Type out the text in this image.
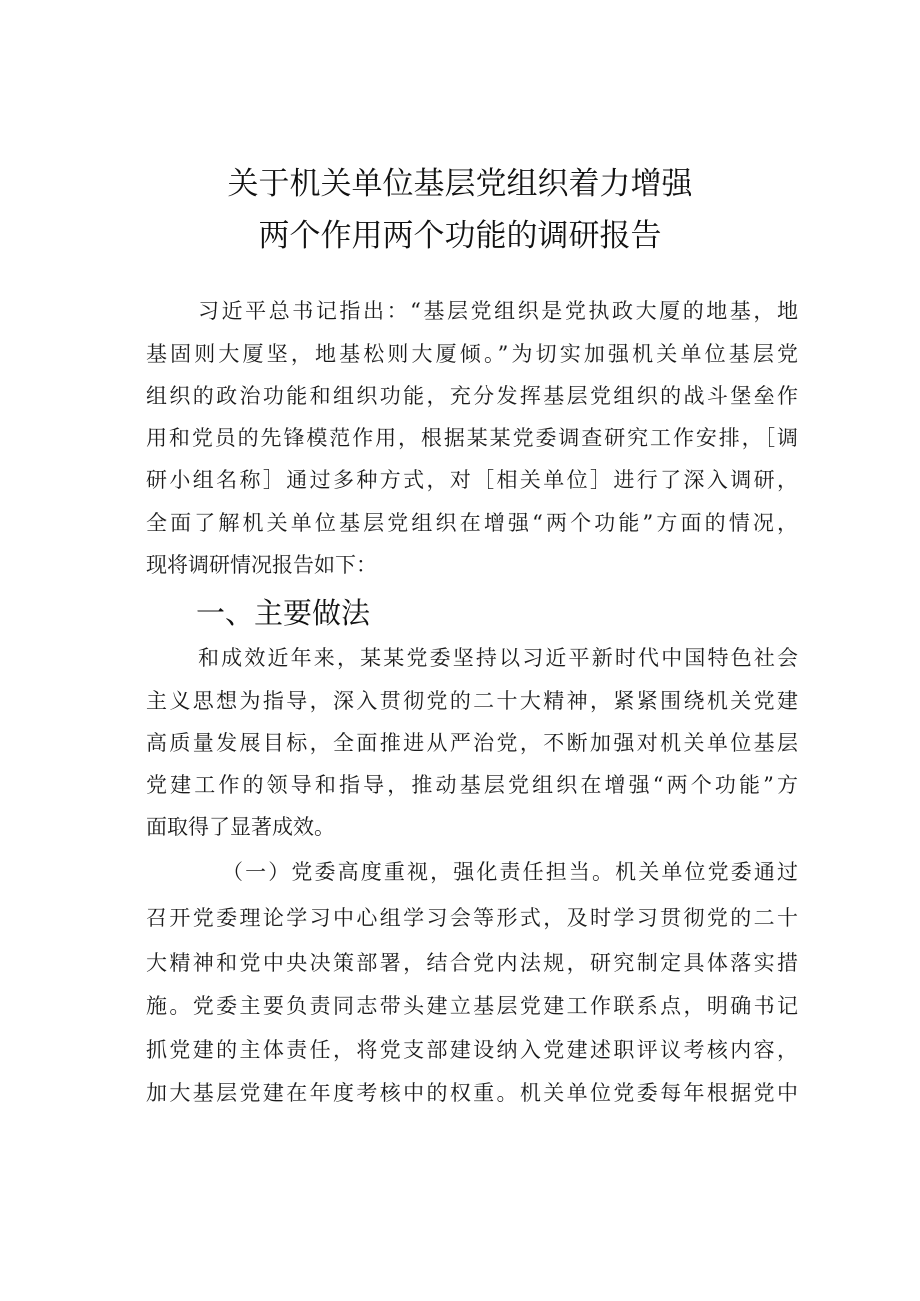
关于机关单位基层党组织着力增强
两个作用两个功能的调研报告
习近平总书记指出：“基层党组织是党执政大厦的地基，地
基固则大厦坚，地基松则大厦倾。”为切实加强机关单位基层党
组织的政治功能和组织功能，充分发挥基层党组织的战斗堡垒作
用和党员的先锋模范作用，根据某某党委调查研究工作安排，［调
研小组名称］通过多种方式，对［相关单位］进行了深入调研，
全面了解机关单位基层党组织在增强“两个功能”方面的情况，
现将调研情况报告如下：
一、主要做法
和成效近年来，某某党委坚持以习近平新时代中国特色社会
主义思想为指导，深入贯彻党的二十大精神，紧紧围绕机关党建
高质量发展目标，全面推进从严治党，不断加强对机关单位基层
党建工作的领导和指导，推动基层党组织在增强“两个功能”方
面取得了显著成效。
（一）党委高度重视，强化责任担当。机关单位党委通过
召开党委理论学习中心组学习会等形式，及时学习贯彻党的二十
大精神和党中央决策部署，结合党内法规，研究制定具体落实措
施。党委主要负责同志带头建立基层党建工作联系点，明确书记
抓党建的主体责任，将党支部建设纳入党建述职评议考核内容，
加大基层党建在年度考核中的权重。机关单位党委每年根据党中
